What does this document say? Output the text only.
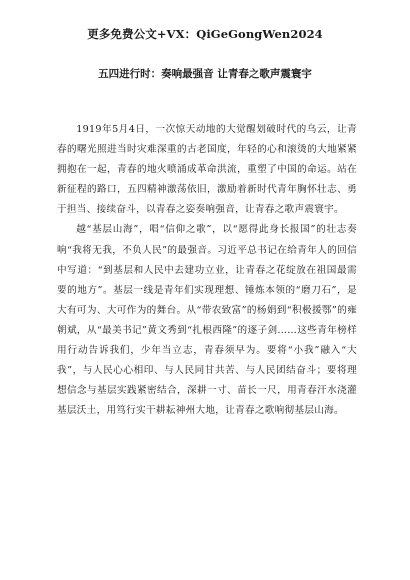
更多免费公文+VX：QiGeGongWen2024
五四进行时：奏响最强音 让青春之歌声震寰宇

1919年5月4日，一次惊天动地的大觉醒划破时代的乌云，让青春的曙光照进当时灾难深重的古老国度，年轻的心和滚烫的大地紧紧拥抱在一起，青春的地火喷涌成革命洪流，重塑了中国的命运。站在新征程的路口，五四精神激荡依旧，激励着新时代青年胸怀壮志、勇于担当、接续奋斗，以青春之姿奏响强音，让青春之歌声震寰宇。

越“基层山海”，唱“信仰之歌”，以“愿得此身长报国”的壮志奏响“我将无我，不负人民”的最强音。习近平总书记在给青年人的回信中写道：“到基层和人民中去建功立业，让青春之花绽放在祖国最需要的地方”。基层一线是青年们实现理想、锤炼本领的“磨刀石”，是大有可为、大可作为的舞台。从“带农致富”的杨娟到“积极援鄂”的雍朝斌，从“最美书记”黄文秀到“扎根西隆”的逐子剑……这些青年榜样用行动告诉我们，少年当立志，青春须早为。要将“小我”融入“大我”，与人民心心相印、与人民同甘共苦、与人民团结奋斗；要将理想信念与基层实践紧密结合，深耕一寸、苗长一尺，用青春汗水浇灌基层沃土，用笃行实干耕耘神州大地，让青春之歌响彻基层山海。
